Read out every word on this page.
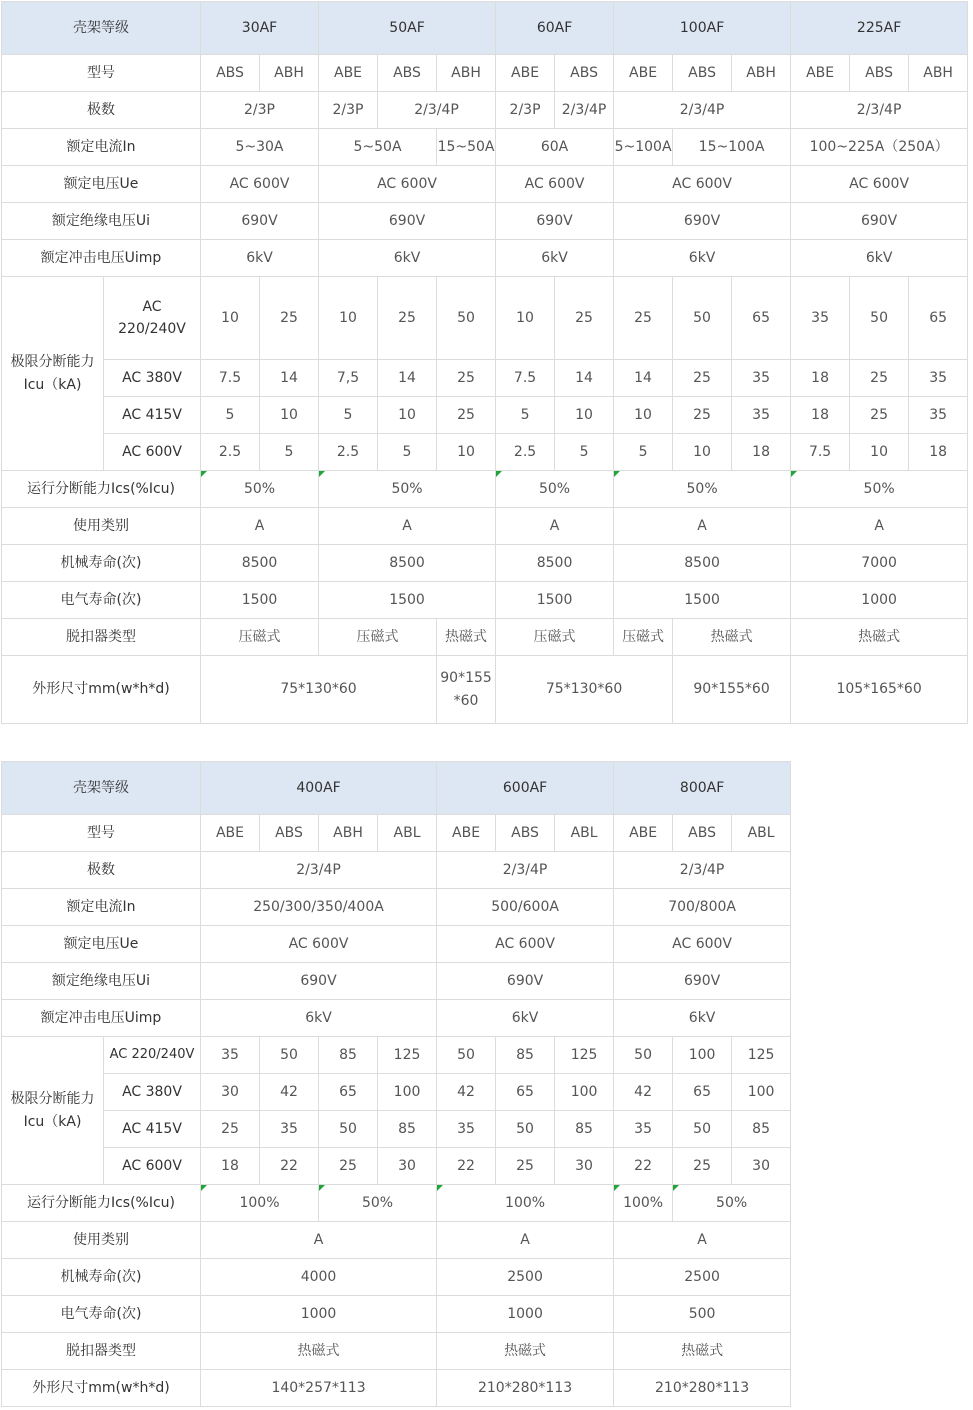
壳架等级		30AF		50AF			60AF		100AF			225AF		
型号		ABS	ABH	ABE	ABS	ABH	ABE	ABS	ABE	ABS	ABH	ABE	ABS	ABH
极数		2/3P		2/3P	2/3/4P		2/3P	2/3/4P	2/3/4P			2/3/4P		
额定电流In		5~30A		5~50A		15~50A	60A		5~100A	15~100A		100~225A（250A）		
额定电压Ue		AC 600V		AC 600V			AC 600V		AC 600V			AC 600V		
额定绝缘电压Ui		690V		690V			690V		690V			690V		
额定冲击电压Uimp		6kV		6kV			6kV		6kV			6kV		
极限分断能力Icu（kA)	AC 220/240V	10	25	10	25	50	10	25	25	50	65	35	50	65
	AC 380V	7.5	14	7,5	14	25	7.5	14	14	25	35	18	25	35
	AC 415V	5	10	5	10	25	5	10	10	25	35	18	25	35
	AC 600V	2.5	5	2.5	5	10	2.5	5	5	10	18	7.5	10	18
运行分断能力Ics(%Icu)		50%		50%			50%		50%			50%		
使用类别		A		A			A		A			A		
机械寿命(次)		8500		8500			8500		8500			7000		
电气寿命(次)		1500		1500			1500		1500			1000		
脱扣器类型		压磁式		压磁式		热磁式	压磁式		压磁式	热磁式		热磁式		
外形尺寸mm(w*h*d)		75*130*60				90*155 *60	75*130*60			90*155*60		105*165*60		
壳架等级		400AF				600AF			800AF		
型号		ABE	ABS	ABH	ABL	ABE	ABS	ABL	ABE	ABS	ABL
极数		2/3/4P				2/3/4P			2/3/4P		
额定电流In		250/300/350/400A				500/600A			700/800A		
额定电压Ue		AC 600V				AC 600V			AC 600V		
额定绝缘电压Ui		690V				690V			690V		
额定冲击电压Uimp		6kV				6kV			6kV		
极限分断能力Icu（kA)	AC 220/240V	35	50	85	125	50	85	125	50	100	125
	AC 380V	30	42	65	100	42	65	100	42	65	100
	AC 415V	25	35	50	85	35	50	85	35	50	85
	AC 600V	18	22	25	30	22	25	30	22	25	30
运行分断能力Ics(%Icu)		100%		50%		100%			100%	50%	
使用类别		A				A			A		
机械寿命(次)		4000				2500			2500		
电气寿命(次)		1000				1000			500		
脱扣器类型		热磁式				热磁式			热磁式		
外形尺寸mm(w*h*d)		140*257*113				210*280*113			210*280*113		
